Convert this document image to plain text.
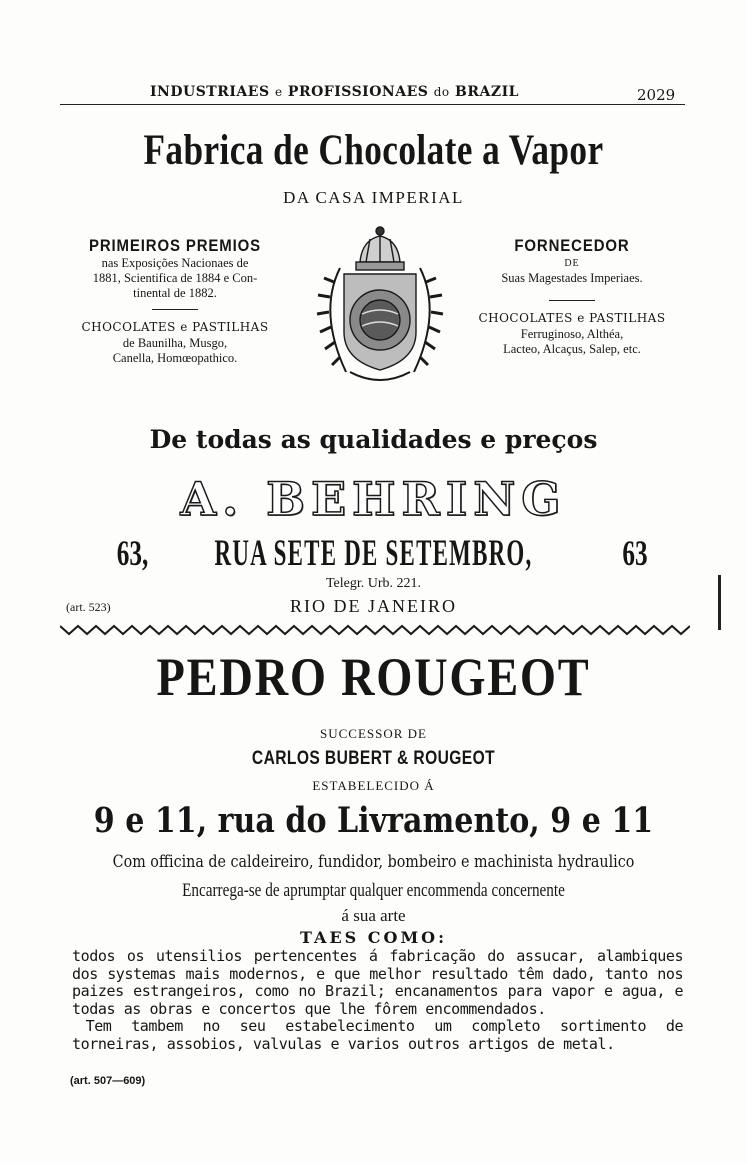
INDUSTRIAES e PROFISSIONAES do BRAZIL	2029
Fabrica de Chocolate a Vapor
DA CASA IMPERIAL
PRIMEIROS PREMIOS
nas Exposições Nacionaes de
1881, Scientifica de 1884 e Con-
tinental de 1882.
CHOCOLATES e PASTILHAS
de Baunilha, Musgo,
Canella, Homœopathico.
FORNECEDOR
DE
Suas Magestades Imperiaes.
CHOCOLATES e PASTILHAS
Ferruginoso, Althéa,
Lacteo, Alcaçus, Salep, etc.
De todas as qualidades e preços
A. BEHRING
63,	RUA SETE DE SETEMBRO,	63
Telegr. Urb. 221.
(art. 523)	RIO DE JANEIRO
PEDRO ROUGEOT
SUCCESSOR DE
CARLOS BUBERT & ROUGEOT
ESTABELECIDO Á
9 e 11, rua do Livramento, 9 e 11
Com officina de caldeireiro, fundidor, bombeiro e machinista hydraulico
Encarrega-se de aprumptar qualquer encommenda concernente
á sua arte
TAES COMO:
todos os utensilios pertencentes á fabricação do assucar, alambiques dos systemas mais modernos, e que melhor resultado têm dado, tanto nos paizes estrangeiros, como no Brazil; encanamentos para vapor e agua, e todas as obras e concertos que lhe fôrem encommendados.
Tem tambem no seu estabelecimento um completo sortimento de torneiras, assobios, valvulas e varios outros artigos de metal.
(art. 507—609)
